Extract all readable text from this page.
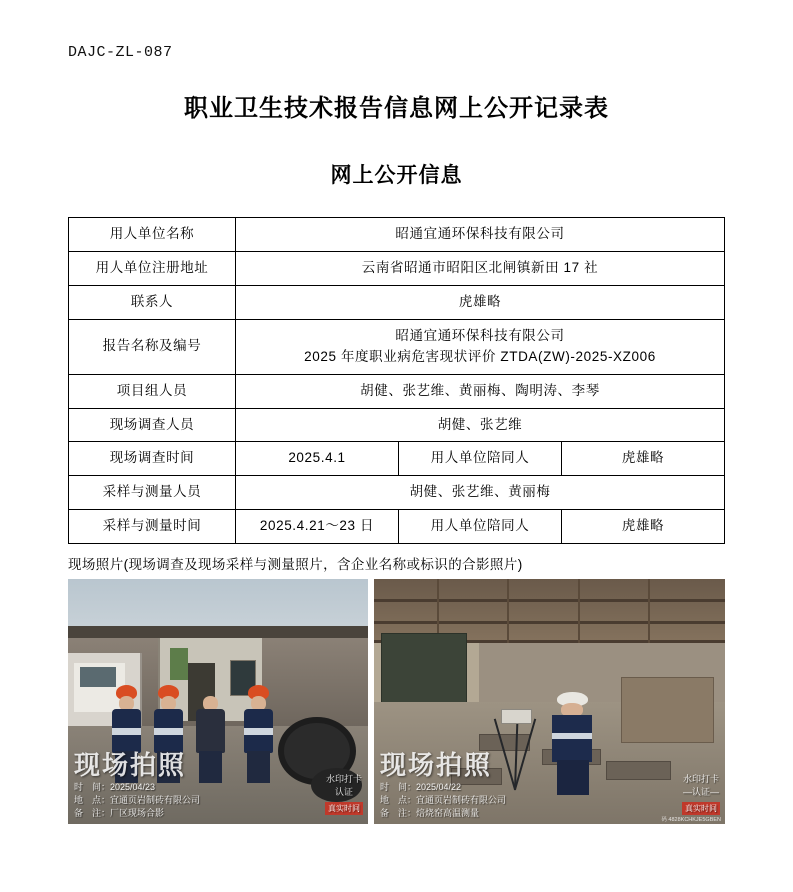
DAJC-ZL-087
职业卫生技术报告信息网上公开记录表
网上公开信息
用人单位名称	昭通宜通环保科技有限公司		
用人单位注册地址	云南省昭通市昭阳区北闸镇新田 17 社		
联系人	虎雄略		
报告名称及编号	昭通宜通环保科技有限公司
2025 年度职业病危害现状评价 ZTDA(ZW)-2025-XZ006		

项目组人员	胡健、张艺维、黄丽梅、陶明涛、李琴		
现场调查人员	胡健、张艺维		
现场调查时间	2025.4.1	用人单位陪同人	虎雄略
采样与测量人员	胡健、张艺维、黄丽梅		
采样与测量时间	2025.4.21～23 日	用人单位陪同人	虎雄略
现场照片(现场调查及现场采样与测量照片，含企业名称或标识的合影照片)
现场拍照
时　间：2025/04/23
地　点：宜通页岩制砖有限公司
备　注：厂区现场合影
水印打卡
认证
真实时间
现场拍照
时　间：2025/04/22
地　点：宜通页岩制砖有限公司
备　注：焙烧窑高温测量
水印打卡
—认证—
真实时间
码 4828KCHKJE5GBEN
